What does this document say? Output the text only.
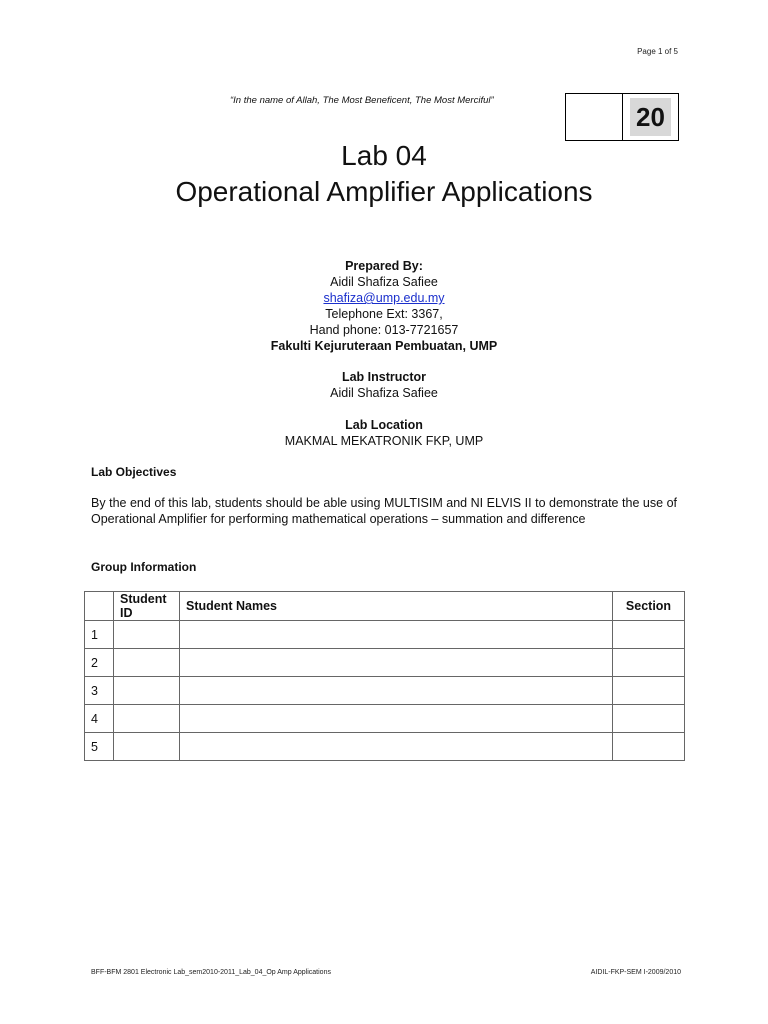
Page 1 of 5
“In the name of Allah, The Most Beneficent, The Most Merciful”
20
Lab 04
Operational Amplifier Applications
Prepared By:
Aidil Shafiza Safiee
shafiza@ump.edu.my
Telephone Ext: 3367,
Hand phone: 013-7721657
Fakulti Kejuruteraan Pembuatan, UMP
Lab Instructor
Aidil Shafiza Safiee
Lab Location
MAKMAL MEKATRONIK FKP, UMP
Lab Objectives
By the end of this lab, students should be able using MULTISIM and NI ELVIS II to demonstrate the use of Operational Amplifier for performing mathematical operations – summation and difference
Group Information
	Student ID	Student Names	Section
1			
2			
3			
4			
5			
BFF-BFM 2801 Electronic Lab_sem2010-2011_Lab_04_Op Amp Applications	AIDIL-FKP-SEM I-2009/2010
